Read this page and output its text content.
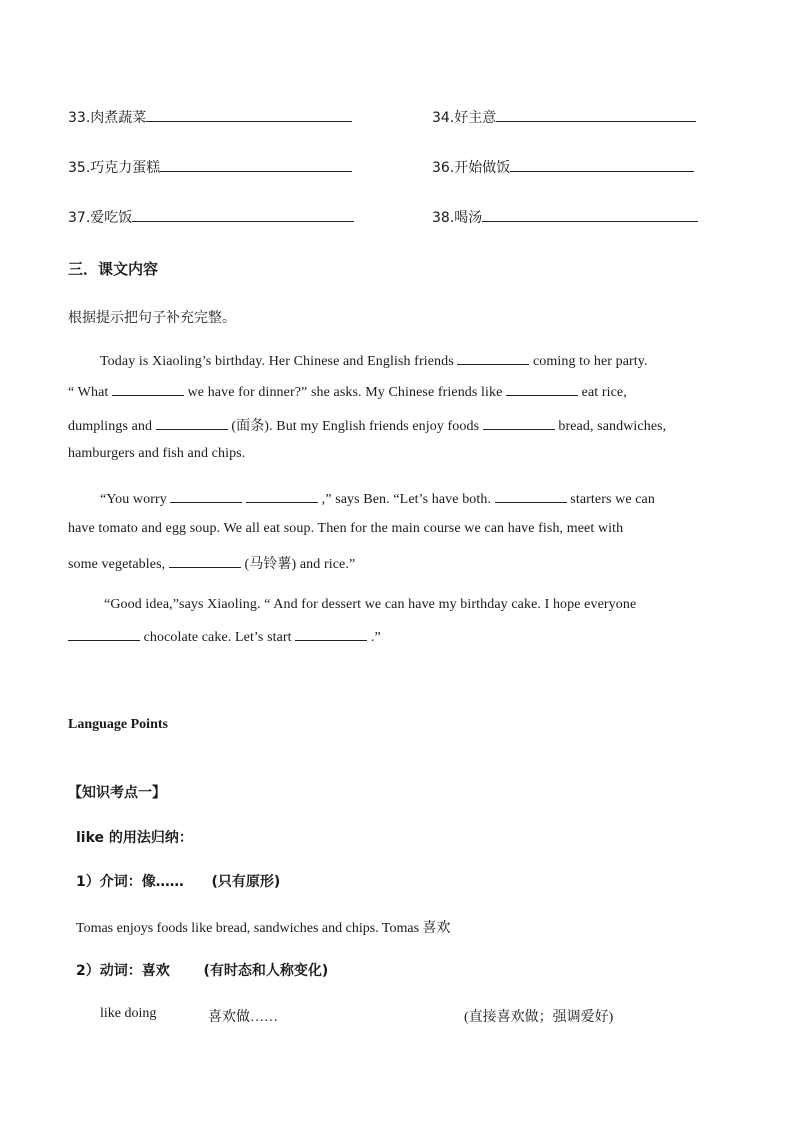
33.肉煮蔬菜	34.好主意
35.巧克力蛋糕	36.开始做饭
37.爱吃饭	38.喝汤
三．课文内容
根据提示把句子补充完整。
Today is Xiaoling’s birthday. Her Chinese and English friends	coming to her party.
“ What	we have for dinner?” she asks. My Chinese friends like	eat rice,
dumplings and	(面条). But my English friends enjoy foods	bread, sandwiches,
hamburgers and fish and chips.
“You worry	,” says Ben. “Let’s have both.	starters we can
have tomato and egg soup. We all eat soup. Then for the main course we can have fish, meet with
some vegetables,	(马铃薯) and rice.”
“Good idea,”says Xiaoling. “ And for dessert we can have my birthday cake. I hope everyone
chocolate cake. Let’s start	.”
Language Points
【知识考点一】
like 的用法归纳：
1）介词：像…… (只有原形)
Tomas enjoys foods like bread, sandwiches and chips. Tomas 喜欢
2）动词：喜欢 (有时态和人称变化)
like doing	喜欢做……	(直接喜欢做；强调爱好)
